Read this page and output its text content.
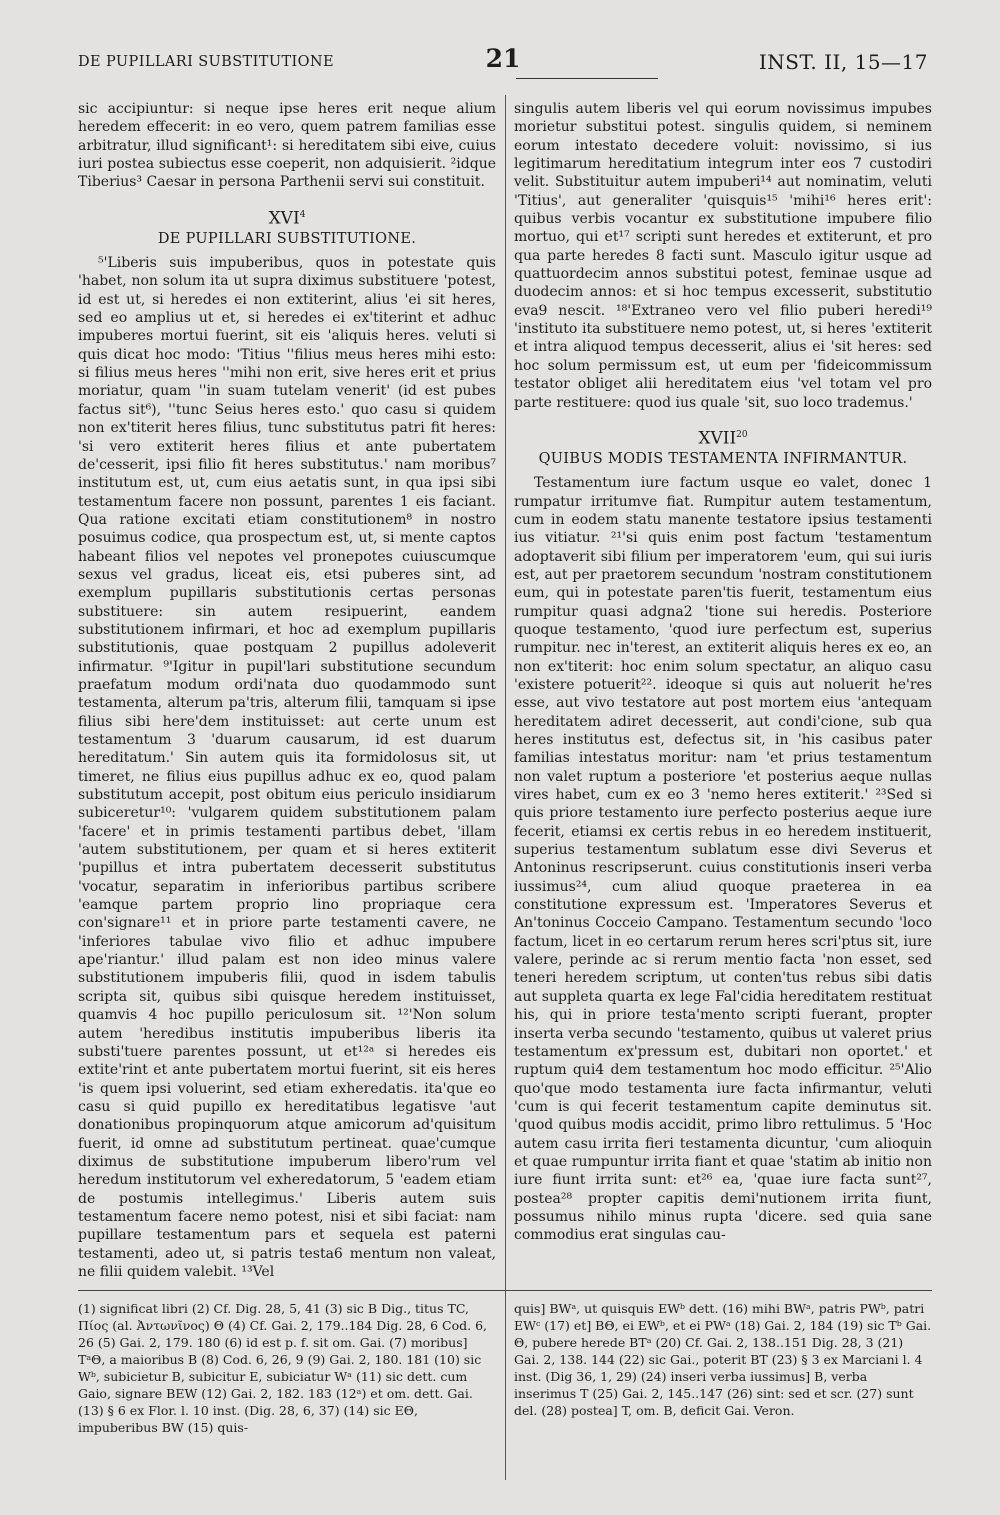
DE PUPILLARI SUBSTITUTIONE	21	INST. II, 15—17

sic accipiuntur: si neque ipse heres erit neque alium heredem effecerit: in eo vero, quem patrem familias esse arbitratur, illud significant¹: si hereditatem sibi eive, cuius iuri postea subiectus esse coeperit, non adquisierit. ²idque Tiberius³ Caesar in persona Parthenii servi sui constituit.

XVI$^4$
DE PUPILLARI SUBSTITUTIONE.

⁵'Liberis suis impuberibus, quos in potestate quis 'habet, non solum ita ut supra diximus substituere 'potest, id est ut, si heredes ei non extiterint, alius 'ei sit heres, sed eo amplius ut et, si heredes ei ex'titerint et adhuc impuberes mortui fuerint, sit eis 'aliquis heres. veluti si quis dicat hoc modo: 'Titius ''filius meus heres mihi esto: si filius meus heres ''mihi non erit, sive heres erit et prius moriatur, quam ''in suam tutelam venerit' (id est pubes factus sit⁶), ''tunc Seius heres esto.' quo casu si quidem non ex'titerit heres filius, tunc substitutus patri fit heres: 'si vero extiterit heres filius et ante pubertatem de'cesserit, ipsi filio fit heres substitutus.' nam moribus⁷ institutum est, ut, cum eius aetatis sunt, in qua ipsi sibi testamentum facere non possunt, parentes 1 eis faciant. Qua ratione excitati etiam constitutionem⁸ in nostro posuimus codice, qua prospectum est, ut, si mente captos habeant filios vel nepotes vel pronepotes cuiuscumque sexus vel gradus, liceat eis, etsi puberes sint, ad exemplum pupillaris substitutionis certas personas substituere: sin autem resipuerint, eandem substitutionem infirmari, et hoc ad exemplum pupillaris substitutionis, quae postquam 2 pupillus adoleverit infirmatur. ⁹'Igitur in pupil'lari substitutione secundum praefatum modum ordi'nata duo quodammodo sunt testamenta, alterum pa'tris, alterum filii, tamquam si ipse filius sibi here'dem instituisset: aut certe unum est testamentum 3 'duarum causarum, id est duarum hereditatum.' Sin autem quis ita formidolosus sit, ut timeret, ne filius eius pupillus adhuc ex eo, quod palam substitutum accepit, post obitum eius periculo insidiarum subiceretur¹⁰: 'vulgarem quidem substitutionem palam 'facere' et in primis testamenti partibus debet, 'illam 'autem substitutionem, per quam et si heres extiterit 'pupillus et intra pubertatem decesserit substitutus 'vocatur, separatim in inferioribus partibus scribere 'eamque partem proprio lino propriaque cera con'signare¹¹ et in priore parte testamenti cavere, ne 'inferiores tabulae vivo filio et adhuc impubere ape'riantur.' illud palam est non ideo minus valere substitutionem impuberis filii, quod in isdem tabulis scripta sit, quibus sibi quisque heredem instituisset, quamvis 4 hoc pupillo periculosum sit. ¹²'Non solum autem 'heredibus institutis impuberibus liberis ita substi'tuere parentes possunt, ut et¹²ᵃ si heredes eis extite'rint et ante pubertatem mortui fuerint, sit eis heres 'is quem ipsi voluerint, sed etiam exheredatis. ita'que eo casu si quid pupillo ex hereditatibus legatisve 'aut donationibus propinquorum atque amicorum ad'quisitum fuerit, id omne ad substitutum pertineat. quae'cumque diximus de substitutione impuberum libero'rum vel heredum institutorum vel exheredatorum, 5 'eadem etiam de postumis intellegimus.' Liberis autem suis testamentum facere nemo potest, nisi et sibi faciat: nam pupillare testamentum pars et sequela est paterni testamenti, adeo ut, si patris testa6 mentum non valeat, ne filii quidem valebit. ¹³Vel

singulis autem liberis vel qui eorum novissimus impubes morietur substitui potest. singulis quidem, si neminem eorum intestato decedere voluit: novissimo, si ius legitimarum hereditatium integrum inter eos 7 custodiri velit. Substituitur autem impuberi¹⁴ aut nominatim, veluti 'Titius', aut generaliter 'quisquis¹⁵ 'mihi¹⁶ heres erit': quibus verbis vocantur ex substitutione impubere filio mortuo, qui et¹⁷ scripti sunt heredes et extiterunt, et pro qua parte heredes 8 facti sunt. Masculo igitur usque ad quattuordecim annos substitui potest, feminae usque ad duodecim annos: et si hoc tempus excesserit, substitutio eva9 nescit. ¹⁸'Extraneo vero vel filio puberi heredi¹⁹ 'instituto ita substituere nemo potest, ut, si heres 'extiterit et intra aliquod tempus decesserit, alius ei 'sit heres: sed hoc solum permissum est, ut eum per 'fideicommissum testator obliget alii hereditatem eius 'vel totam vel pro parte restituere: quod ius quale 'sit, suo loco trademus.'

XVII$^{20}$
QUIBUS MODIS TESTAMENTA INFIRMANTUR.

Testamentum iure factum usque eo valet, donec 1 rumpatur irritumve fiat. Rumpitur autem testamentum, cum in eodem statu manente testatore ipsius testamenti ius vitiatur. ²¹'si quis enim post factum 'testamentum adoptaverit sibi filium per imperatorem 'eum, qui sui iuris est, aut per praetorem secundum 'nostram constitutionem eum, qui in potestate paren'tis fuerit, testamentum eius rumpitur quasi adgna2 'tione sui heredis. Posteriore quoque testamento, 'quod iure perfectum est, superius rumpitur. nec in'terest, an extiterit aliquis heres ex eo, an non ex'titerit: hoc enim solum spectatur, an aliquo casu 'existere potuerit²². ideoque si quis aut noluerit he'res esse, aut vivo testatore aut post mortem eius 'antequam hereditatem adiret decesserit, aut condi'cione, sub qua heres institutus est, defectus sit, in 'his casibus pater familias intestatus moritur: nam 'et prius testamentum non valet ruptum a posteriore 'et posterius aeque nullas vires habet, cum ex eo 3 'nemo heres extiterit.' ²³Sed si quis priore testamento iure perfecto posterius aeque iure fecerit, etiamsi ex certis rebus in eo heredem instituerit, superius testamentum sublatum esse divi Severus et Antoninus rescripserunt. cuius constitutionis inseri verba iussimus²⁴, cum aliud quoque praeterea in ea constitutione expressum est. 'Imperatores Severus et An'toninus Cocceio Campano. Testamentum secundo 'loco factum, licet in eo certarum rerum heres scri'ptus sit, iure valere, perinde ac si rerum mentio facta 'non esset, sed teneri heredem scriptum, ut conten'tus rebus sibi datis aut suppleta quarta ex lege Fal'cidia hereditatem restituat his, qui in priore testa'mento scripti fuerant, propter inserta verba secundo 'testamento, quibus ut valeret prius testamentum ex'pressum est, dubitari non oportet.' et ruptum qui4 dem testamentum hoc modo efficitur. ²⁵'Alio quo'que modo testamenta iure facta infirmantur, veluti 'cum is qui fecerit testamentum capite deminutus sit. 'quod quibus modis accidit, primo libro rettulimus. 5 'Hoc autem casu irrita fieri testamenta dicuntur, 'cum alioquin et quae rumpuntur irrita fiant et quae 'statim ab initio non iure fiunt irrita sunt: et²⁶ ea, 'quae iure facta sunt²⁷, postea²⁸ propter capitis demi'nutionem irrita fiunt, possumus nihilo minus rupta 'dicere. sed quia sane commodius erat singulas cau-

(1) significat libri (2) Cf. Dig. 28, 5, 41 (3) sic B Dig., titus TC, Πίος (al. Ἀντωνῖνος) Θ (4) Cf. Gai. 2, 179..184 Dig. 28, 6 Cod. 6, 26 (5) Gai. 2, 179. 180 (6) id est p. f. sit om. Gai. (7) moribus] TᵃΘ, a maioribus B (8) Cod. 6, 26, 9 (9) Gai. 2, 180. 181 (10) sic Wᵇ, subicietur B, subicitur E, subiciatur Wᵃ (11) sic dett. cum Gaio, signare BEW (12) Gai. 2, 182. 183 (12ᵃ) et om. dett. Gai. (13) § 6 ex Flor. l. 10 inst. (Dig. 28, 6, 37) (14) sic EΘ, impuberibus BW (15) quis-

quis] BWᵃ, ut quisquis EWᵇ dett. (16) mihi BWᵃ, patris PWᵇ, patri EWᶜ (17) et] BΘ, ei EWᵇ, et ei PWᵃ (18) Gai. 2, 184 (19) sic Tᵇ Gai. Θ, pubere herede BTᵃ (20) Cf. Gai. 2, 138..151 Dig. 28, 3 (21) Gai. 2, 138. 144 (22) sic Gai., poterit BT (23) § 3 ex Marciani l. 4 inst. (Dig 36, 1, 29) (24) inseri verba iussimus] B, verba inserimus T (25) Gai. 2, 145..147 (26) sint: sed et scr. (27) sunt del. (28) postea] T, om. B, deficit Gai. Veron.
